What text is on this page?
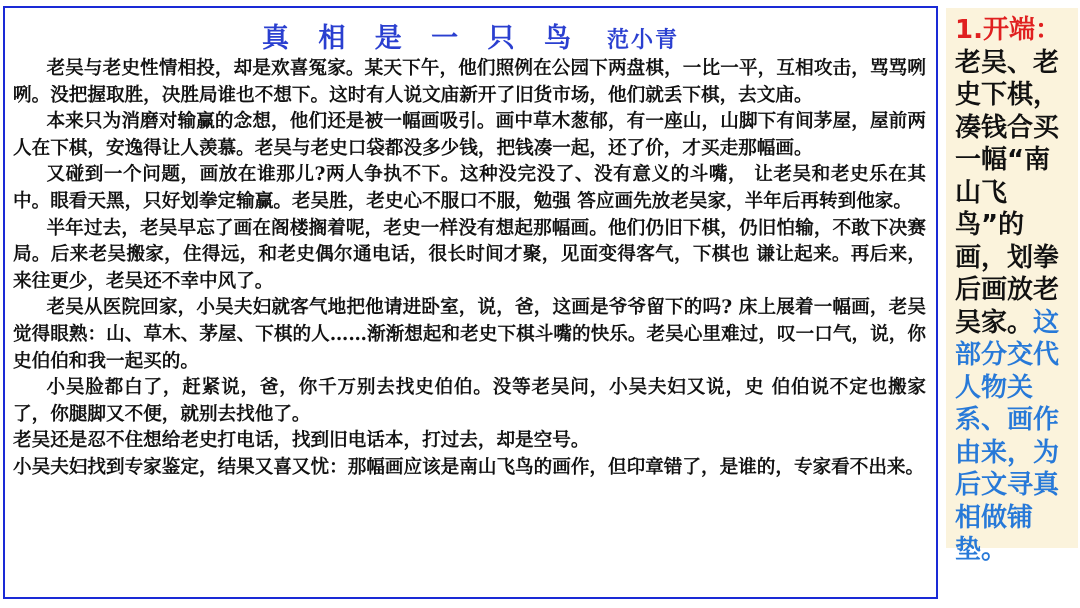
真 相 是 一 只 鸟 范小青

老吴与老史性情相投，却是欢喜冤家。某天下午，他们照例在公园下两盘棋，一比一平，互相攻击，骂骂咧咧。没把握取胜，决胜局谁也不想下。这时有人说文庙新开了旧货市场，他们就丢下棋，去文庙。

本来只为消磨对输赢的念想，他们还是被一幅画吸引。画中草木葱郁，有一座山，山脚下有间茅屋，屋前两人在下棋，安逸得让人羡慕。老吴与老史口袋都没多少钱，把钱凑一起，还了价，才买走那幅画。

又碰到一个问题，画放在谁那儿?两人争执不下。这种没完没了、没有意义的斗嘴， 让老吴和老史乐在其中。眼看天黑，只好划拳定输赢。老吴胜，老史心不服口不服，勉强 答应画先放老吴家，半年后再转到他家。

半年过去，老吴早忘了画在阁楼搁着呢，老史一样没有想起那幅画。他们仍旧下棋，仍旧怕输，不敢下决赛局。后来老吴搬家，住得远，和老史偶尔通电话，很长时间才聚，见面变得客气，下棋也 谦让起来。再后来，来往更少，老吴还不幸中风了。

老吴从医院回家，小吴夫妇就客气地把他请进卧室，说，爸，这画是爷爷留下的吗? 床上展着一幅画，老吴觉得眼熟：山、草木、茅屋、下棋的人……渐渐想起和老史下棋斗嘴的快乐。老吴心里难过，叹一口气，说，你史伯伯和我一起买的。

小吴脸都白了，赶紧说，爸，你千万别去找史伯伯。没等老吴问，小吴夫妇又说，史 伯伯说不定也搬家了，你腿脚又不便，就别去找他了。

老吴还是忍不住想给老史打电话，找到旧电话本，打过去，却是空号。

小吴夫妇找到专家鉴定，结果又喜又忧：那幅画应该是南山飞鸟的画作，但印章错了，是谁的，专家看不出来。

1.开端：老吴、老史下棋，凑钱合买一幅“南山飞鸟”的画，划拳后画放老吴家。这部分交代人物关系、画作由来，为后文寻真相做铺垫。
